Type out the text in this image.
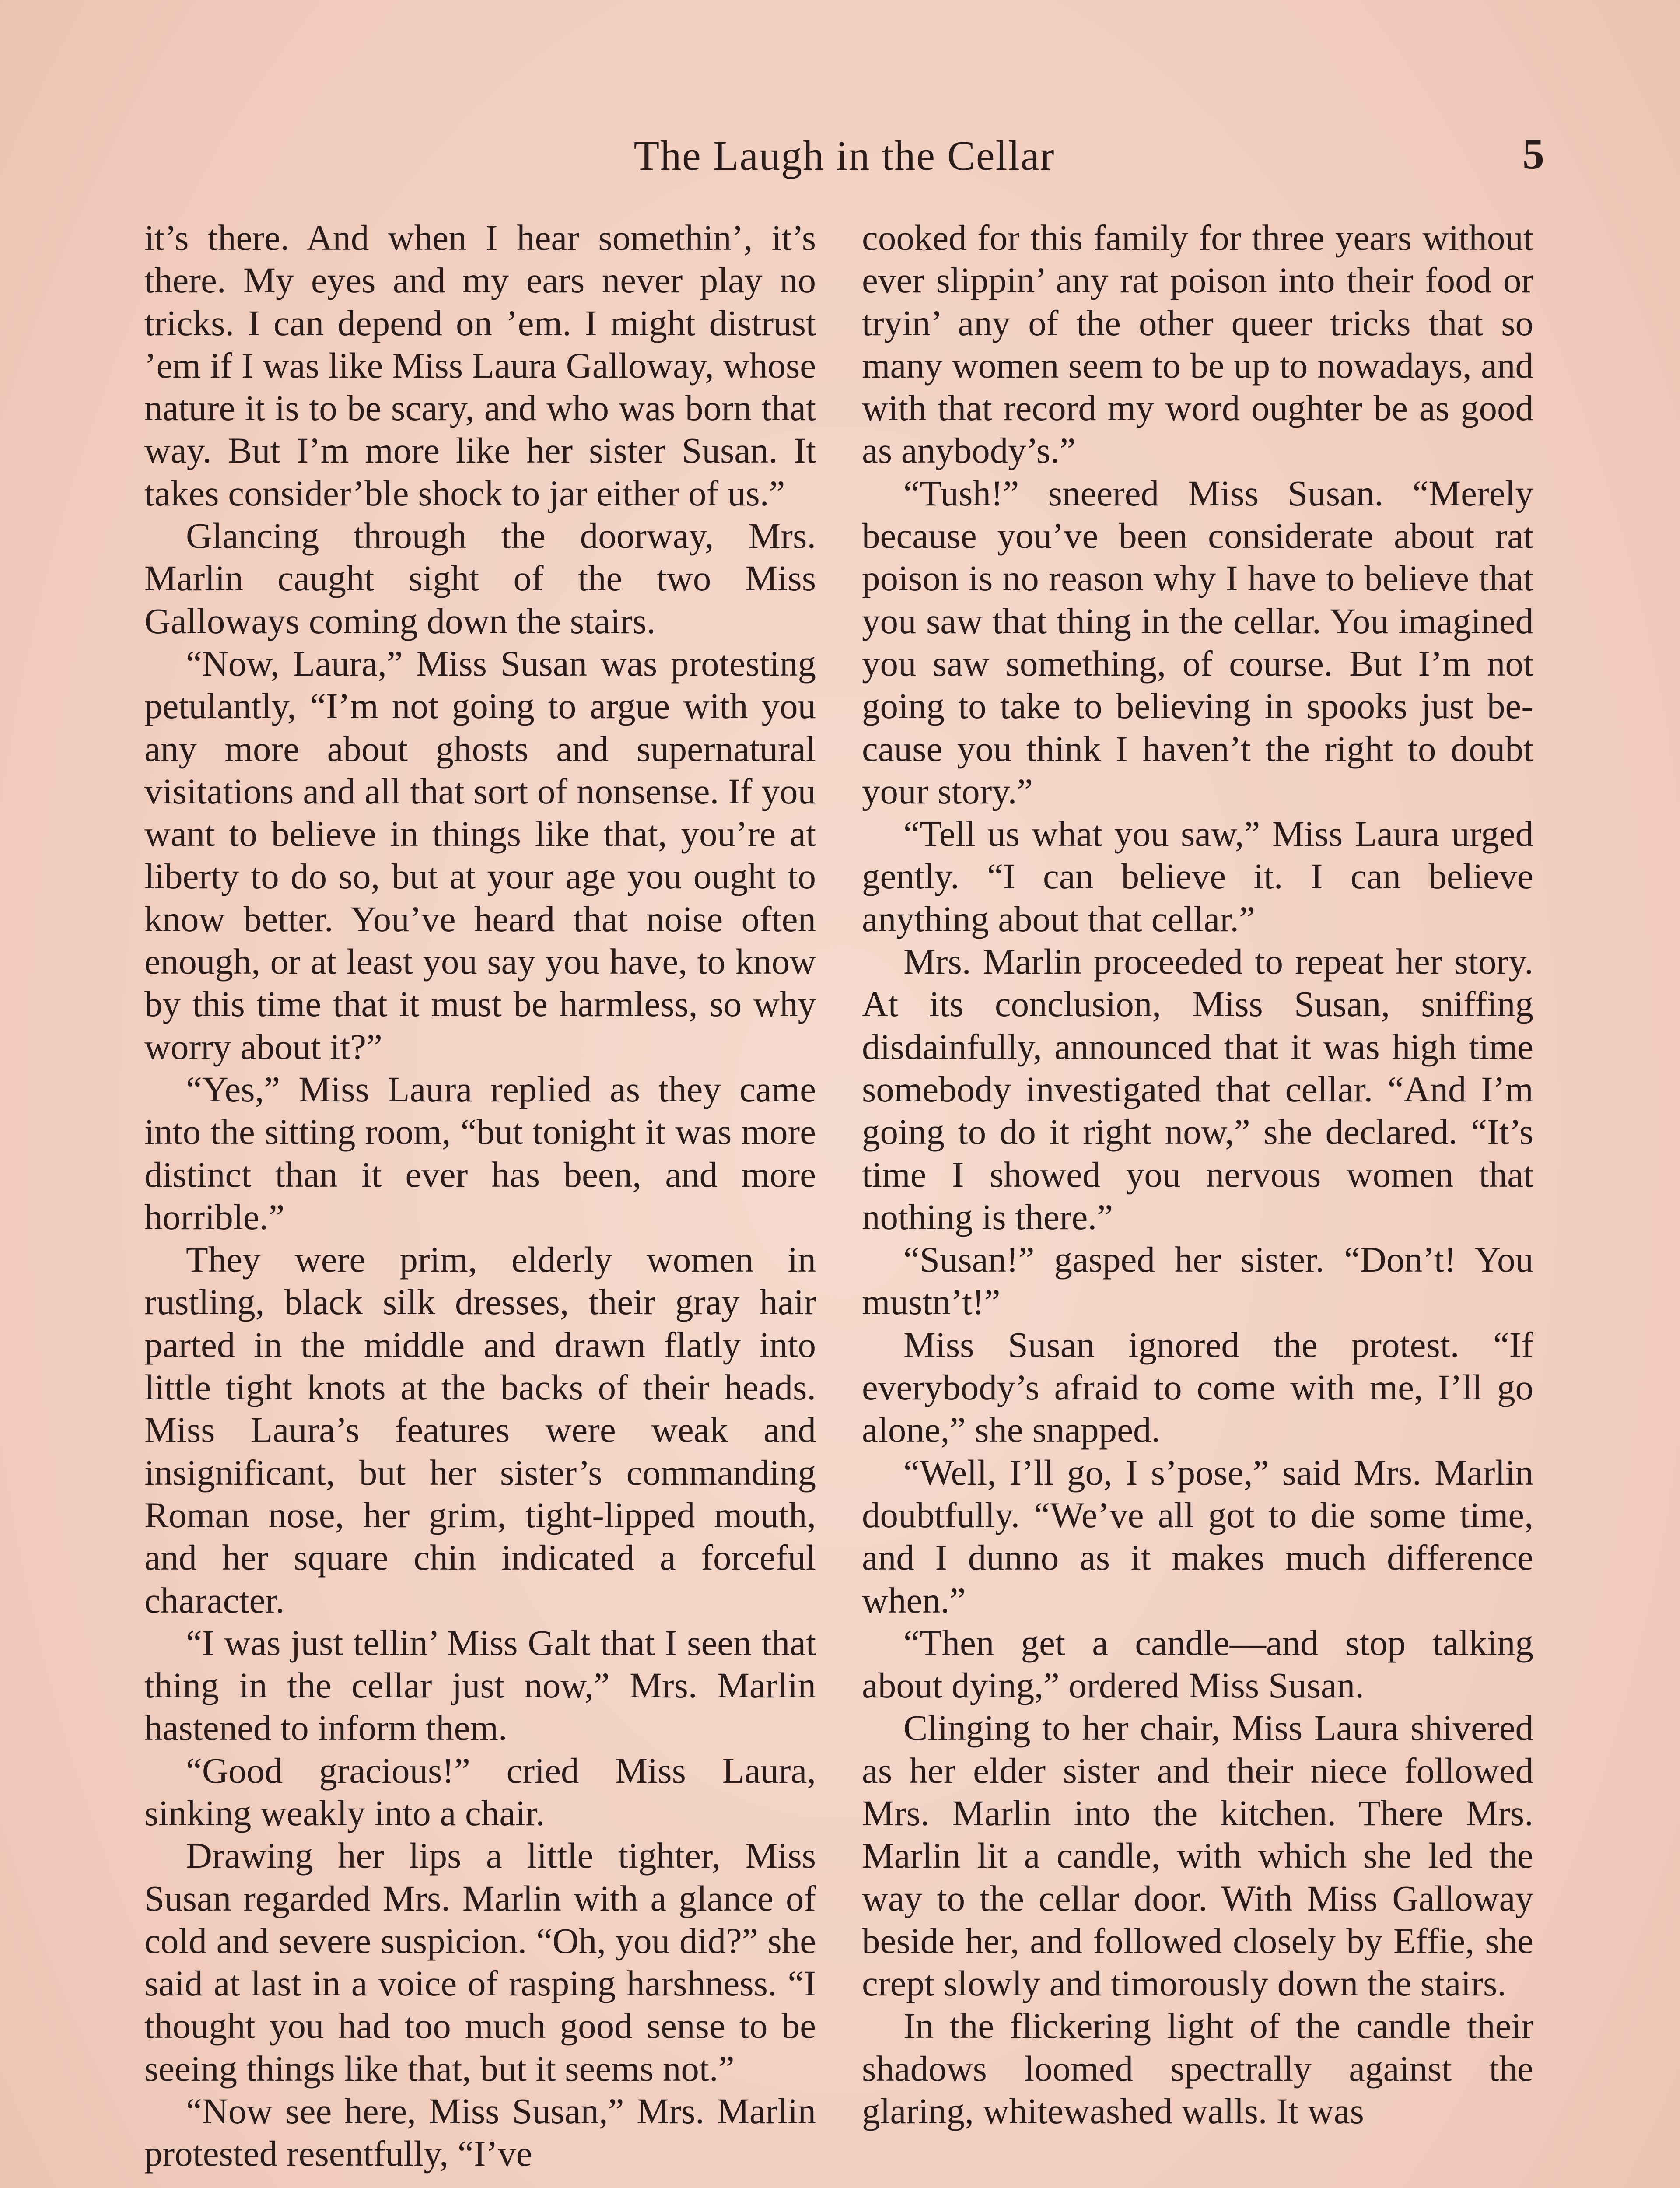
The Laugh in the Cellar	5

it’s there. And when I hear somethin’, it’s there. My eyes and my ears never play no tricks. I can depend on ’em. I might distrust ’em if I was like Miss Laura Galloway, whose nature it is to be scary, and who was born that way. But I’m more like her sister Susan. It takes consider’ble shock to jar either of us.”

Glancing through the doorway, Mrs. Marlin caught sight of the two Miss Galloways coming down the stairs.

“Now, Laura,” Miss Susan was protesting petulantly, “I’m not going to argue with you any more about ghosts and supernatural visitations and all that sort of nonsense. If you want to believe in things like that, you’re at liberty to do so, but at your age you ought to know better. You’ve heard that noise often enough, or at least you say you have, to know by this time that it must be harmless, so why worry about it?”

“Yes,” Miss Laura replied as they came into the sitting room, “but tonight it was more distinct than it ever has been, and more horrible.”

They were prim, elderly women in rustling, black silk dresses, their gray hair parted in the middle and drawn flatly into little tight knots at the backs of their heads. Miss Laura’s features were weak and insignificant, but her sister’s commanding Roman nose, her grim, tight-lipped mouth, and her square chin indicated a forceful character.

“I was just tellin’ Miss Galt that I seen that thing in the cellar just now,” Mrs. Marlin hastened to inform them.

“Good gracious!” cried Miss Laura, sinking weakly into a chair.

Drawing her lips a little tighter, Miss Susan regarded Mrs. Marlin with a glance of cold and severe suspicion. “Oh, you did?” she said at last in a voice of rasping harshness. “I thought you had too much good sense to be seeing things like that, but it seems not.”

“Now see here, Miss Susan,” Mrs. Marlin protested resentfully, “I’ve

cooked for this family for three years without ever slippin’ any rat poison into their food or tryin’ any of the other queer tricks that so many women seem to be up to nowadays, and with that record my word oughter be as good as anybody’s.”

“Tush!” sneered Miss Susan. “Merely because you’ve been considerate about rat poison is no reason why I have to believe that you saw that thing in the cellar. You imagined you saw something, of course. But I’m not going to take to believing in spooks just because you think I haven’t the right to doubt your story.”

“Tell us what you saw,” Miss Laura urged gently. “I can believe it. I can believe anything about that cellar.”

Mrs. Marlin proceeded to repeat her story. At its conclusion, Miss Susan, sniffing disdainfully, announced that it was high time somebody investigated that cellar. “And I’m going to do it right now,” she declared. “It’s time I showed you nervous women that nothing is there.”

“Susan!” gasped her sister. “Don’t! You mustn’t!”

Miss Susan ignored the protest. “If everybody’s afraid to come with me, I’ll go alone,” she snapped.

“Well, I’ll go, I s’pose,” said Mrs. Marlin doubtfully. “We’ve all got to die some time, and I dunno as it makes much difference when.”

“Then get a candle—and stop talking about dying,” ordered Miss Susan.

Clinging to her chair, Miss Laura shivered as her elder sister and their niece followed Mrs. Marlin into the kitchen. There Mrs. Marlin lit a candle, with which she led the way to the cellar door. With Miss Galloway beside her, and followed closely by Effie, she crept slowly and timorously down the stairs.

In the flickering light of the candle their shadows loomed spectrally against the glaring, whitewashed walls. It was
